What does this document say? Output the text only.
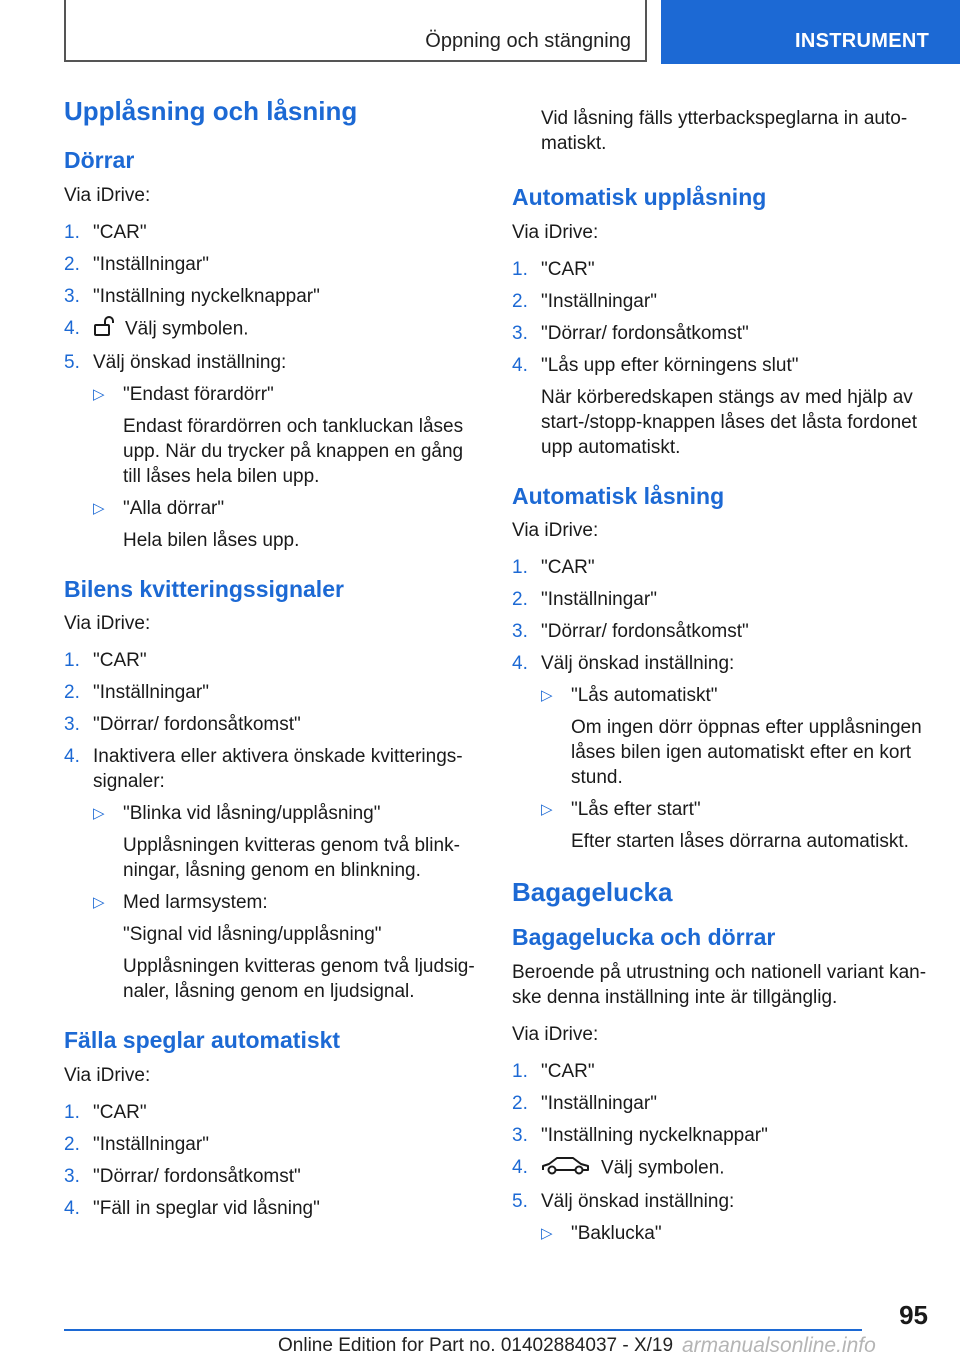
Öppning och stängning	INSTRUMENT
Upplåsning och låsning
Dörrar
Via iDrive:
1. "CAR"
2. "Inställningar"
3. "Inställning nyckelknappar"
4. Välj symbolen.
5. Välj önskad inställning:
▷ "Endast förardörr"
Endast förardörren och tankluckan låses upp. När du trycker på knappen en gång till låses hela bilen upp.
▷ "Alla dörrar"
Hela bilen låses upp.
Bilens kvitteringssignaler
Via iDrive:
1. "CAR"
2. "Inställningar"
3. "Dörrar/ fordonsåtkomst"
4. Inaktivera eller aktivera önskade kvitteringssignaler:
▷ "Blinka vid låsning/upplåsning"
Upplåsningen kvitteras genom två blinkningar, låsning genom en blinkning.
▷ Med larmsystem:
"Signal vid låsning/upplåsning"
Upplåsningen kvitteras genom två ljudsignaler, låsning genom en ljudsignal.
Fälla speglar automatiskt
Via iDrive:
1. "CAR"
2. "Inställningar"
3. "Dörrar/ fordonsåtkomst"
4. "Fäll in speglar vid låsning"
Vid låsning fälls ytterbackspeglarna in automatiskt.
Automatisk upplåsning
Via iDrive:
1. "CAR"
2. "Inställningar"
3. "Dörrar/ fordonsåtkomst"
4. "Lås upp efter körningens slut"
När körberedskapen stängs av med hjälp av start-/stopp-knappen låses det låsta fordonet upp automatiskt.
Automatisk låsning
Via iDrive:
1. "CAR"
2. "Inställningar"
3. "Dörrar/ fordonsåtkomst"
4. Välj önskad inställning:
▷ "Lås automatiskt"
Om ingen dörr öppnas efter upplåsningen låses bilen igen automatiskt efter en kort stund.
▷ "Lås efter start"
Efter starten låses dörrarna automatiskt.
Bagagelucka
Bagagelucka och dörrar
Beroende på utrustning och nationell variant kanske denna inställning inte är tillgänglig.
Via iDrive:
1. "CAR"
2. "Inställningar"
3. "Inställning nyckelknappar"
4.	Välj symbolen.
5. Välj önskad inställning:
▷ "Baklucka"
95
Online Edition for Part no. 01402884037 - X/19 armanualsonline.info
